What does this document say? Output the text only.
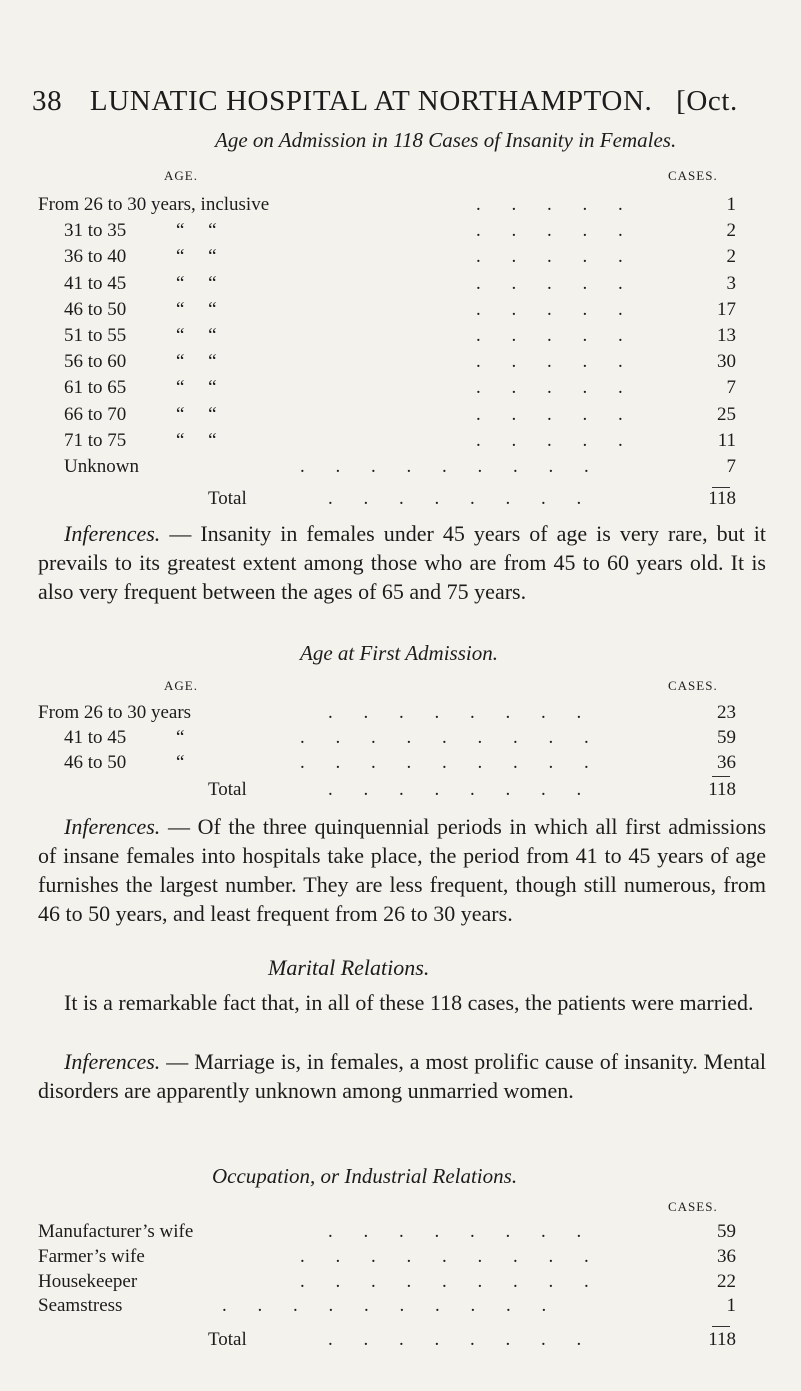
38 LUNATIC HOSPITAL AT NORTHAMPTON. [Oct.
Age on Admission in 118 Cases of Insanity in Females.
AGE.	CASES.
From 26 to 30 years, inclusive	. . . . .	1
31 to 35	“     “	. . . . .	2
36 to 40	“     “	. . . . .	2
41 to 45	“     “	. . . . .	3
46 to 50	“     “	. . . . .	17
51 to 55	“     “	. . . . .	13
56 to 60	“     “	. . . . .	30
61 to 65	“     “	. . . . .	7
66 to 70	“     “	. . . . .	25
71 to 75	“     “	. . . . .	11
Unknown	. . . . . . . . .	7
Total	. . . . . . . .	118
Inferences. — Insanity in females under 45 years of age is very rare, but it prevails to its greatest extent among those who are from 45 to 60 years old. It is also very frequent between the ages of 65 and 75 years.
Age at First Admission.
AGE.	CASES.
From 26 to 30 years	. . . . . . . .	23
41 to 45	“	. . . . . . . . .	59
46 to 50	“	. . . . . . . . .	36
Total	. . . . . . . .	118
Inferences. — Of the three quinquennial periods in which all first admissions of insane females into hospitals take place, the period from 41 to 45 years of age furnishes the largest number. They are less frequent, though still numerous, from 46 to 50 years, and least frequent from 26 to 30 years.
Marital Relations.
It is a remarkable fact that, in all of these 118 cases, the patients were married.
Inferences. — Marriage is, in females, a most prolific cause of insanity. Mental disorders are apparently unknown among unmarried women.
Occupation, or Industrial Relations.
CASES.
Manufacturer’s wife	. . . . . . . .	59
Farmer’s wife	. . . . . . . . .	36
Housekeeper	. . . . . . . . .	22
Seamstress	. . . . . . . . . .	1
Total	. . . . . . . .	118
